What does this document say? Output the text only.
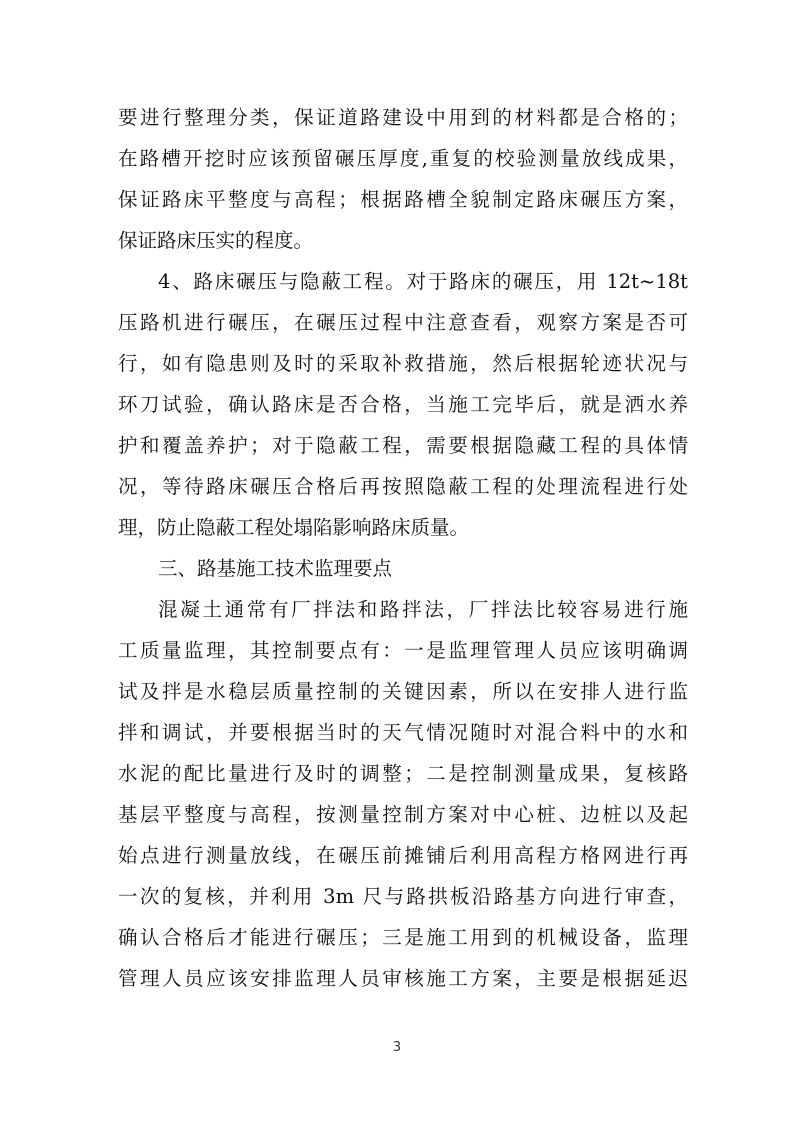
要进行整理分类，保证道路建设中用到的材料都是合格的；
在路槽开挖时应该预留碾压厚度,重复的校验测量放线成果，
保证路床平整度与高程；根据路槽全貌制定路床碾压方案，
保证路床压实的程度。
4、路床碾压与隐蔽工程。对于路床的碾压，用 12t~18t
压路机进行碾压，在碾压过程中注意查看，观察方案是否可
行，如有隐患则及时的采取补救措施，然后根据轮迹状况与
环刀试验，确认路床是否合格，当施工完毕后，就是洒水养
护和覆盖养护；对于隐蔽工程，需要根据隐藏工程的具体情
况，等待路床碾压合格后再按照隐蔽工程的处理流程进行处
理，防止隐蔽工程处塌陷影响路床质量。
三、路基施工技术监理要点
混凝土通常有厂拌法和路拌法，厂拌法比较容易进行施
工质量监理，其控制要点有：一是监理管理人员应该明确调
试及拌是水稳层质量控制的关键因素，所以在安排人进行监
拌和调试，并要根据当时的天气情况随时对混合料中的水和
水泥的配比量进行及时的调整；二是控制测量成果，复核路
基层平整度与高程，按测量控制方案对中心桩、边桩以及起
始点进行测量放线，在碾压前摊铺后利用高程方格网进行再
一次的复核，并利用 3m 尺与路拱板沿路基方向进行审查，
确认合格后才能进行碾压；三是施工用到的机械设备，监理
管理人员应该安排监理人员审核施工方案，主要是根据延迟
3
